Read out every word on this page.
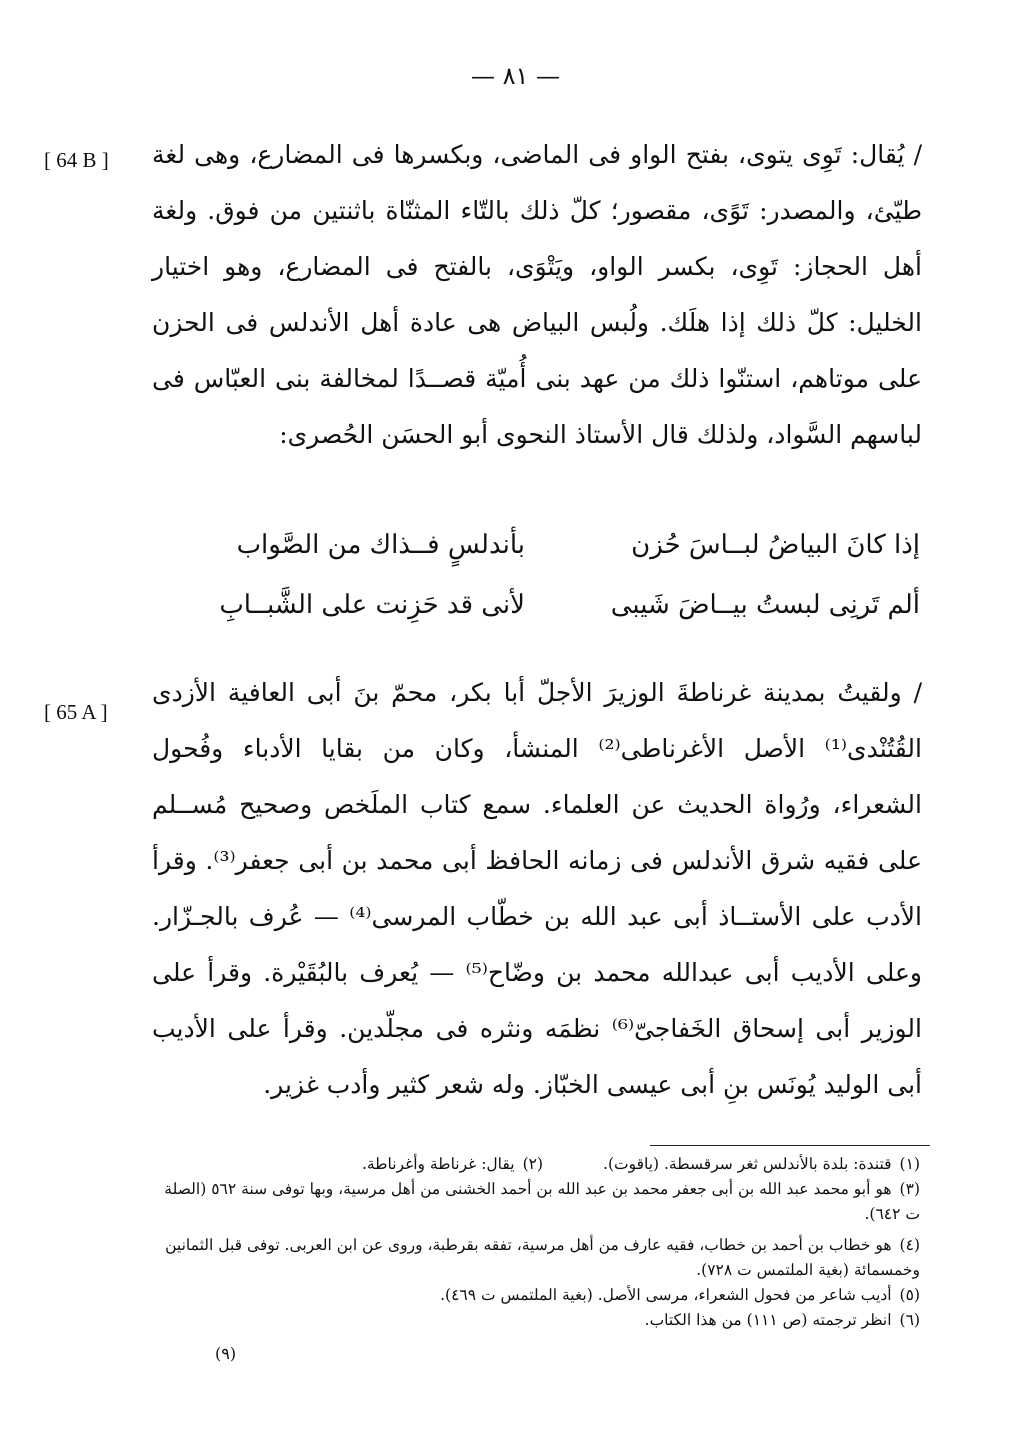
— ٨١ —
[ 64 B ]
[ 65 A ]

/ يُقال: تَوِى يتوى، بفتح الواو فى الماضى، وبكسرها فى المضارع، وهى لغة طيّئ، والمصدر: تَوًى، مقصور؛ كلّ ذلك بالتّاء المثنّاة باثنتين من فوق. ولغة أهل الحجاز: تَوِى، بكسر الواو، ويَتْوَى، بالفتح فى المضارع، وهو اختيار الخليل: كلّ ذلك إذا هلَك. ولُبس البياض هى عادة أهل الأندلس فى الحزن على موتاهم، استنّوا ذلك من عهد بنى أُميّة قصــدًا لمخالفة بنى العبّاس فى لباسهم السَّواد، ولذلك قال الأستاذ النحوى أبو الحسَن الحُصرى:

إذا كانَ البياضُ لبــاسَ حُزن
بأندلسٍ فــذاك من الصَّواب
ألم تَرنِى لبستُ بيــاضَ شَيبى
لأنى قد حَزِنت على الشَّبــابِ

/ ولقيتُ بمدينة غرناطةَ الوزيرَ الأجلّ أبا بكر، محمّ بنَ أبى العافية الأزدى القُتُنْدى⁽¹⁾ الأصل الأغرناطى⁽²⁾ المنشأ، وكان من بقايا الأدباء وفُحول الشعراء، ورُواة الحديث عن العلماء. سمع كتاب الملَخص وصحيح مُســلم على فقيه شرق الأندلس فى زمانه الحافظ أبى محمد بن أبى جعفر⁽³⁾. وقرأ الأدب على الأستــاذ أبى عبد الله بن خطّاب المرسى⁽⁴⁾ — عُرف بالجـزّار. وعلى الأديب أبى عبدالله محمد بن وضّاح⁽⁵⁾ — يُعرف بالبُقَيْرة. وقرأ على الوزير أبى إسحاق الخَفاجىّ⁽⁶⁾ نظمَه ونثره فى مجلّدين. وقرأ على الأديب أبى الوليد يُونَس بنِ أبى عيسى الخبّاز. وله شعر كثير وأدب غزير.

(١)قتندة: بلدة بالأندلس ثغر سرقسطة. (ياقوت).

(٢)يقال: غرناطة وأغرناطة.

(٣)هو أبو محمد عبد الله بن أبى جعفر محمد بن عبد الله بن أحمد الخشنى من أهل مرسية، وبها توفى سنة ٥٦٢ (الصلة ت ٦٤٢).

(٤)هو خطاب بن أحمد بن خطاب، فقيه عارف من أهل مرسية، تفقه بقرطبة، وروى عن ابن العربى. توفى قبل الثمانين وخمسمائة (بغية الملتمس ت ٧٢٨).

(٥)أديب شاعر من فحول الشعراء، مرسى الأصل. (بغية الملتمس ت ٤٦٩).

(٦)انظر ترجمته (ص ١١١) من هذا الكتاب.

(٩)
